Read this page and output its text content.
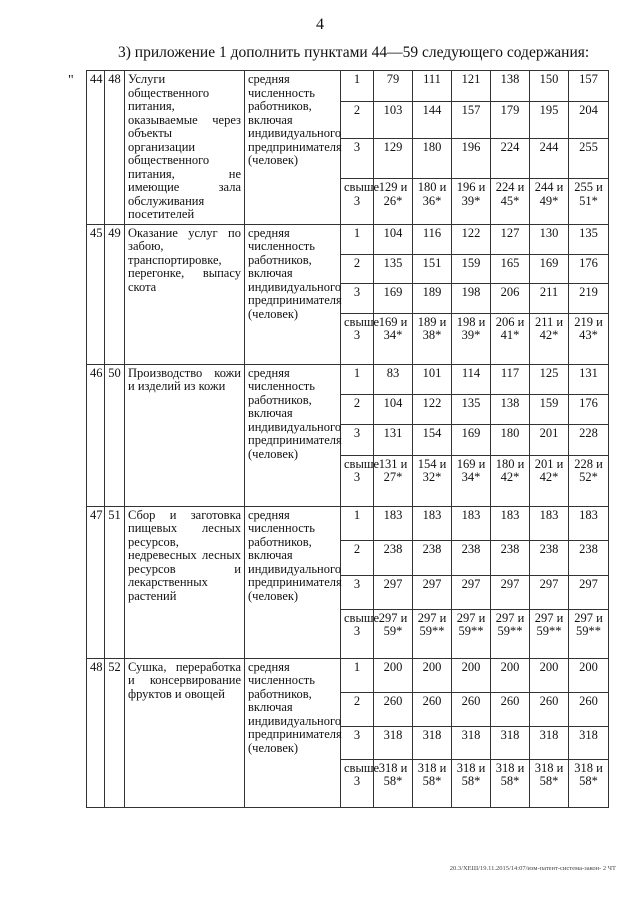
4
3) приложение 1 дополнить пунктами 44—59 следующего содержания:
" 44	48	Услуги общественного питания, оказываемые через объекты организации общественного питания, не имеющие зала обслуживания посетителей	средняя численность работников, включая индивидуального предпринимателя (человек)	1	79	111	121	138	150	157
				2	103	144	157	179	195	204
				3	129	180	196	224	244	255
				свыше 3	129 и 26*	180 и 36*	196 и 39*	224 и 45*	244 и 49*	255 и 51*
45	49	Оказание услуг по забою, транспортировке, перегонке, выпасу скота	средняя численность работников, включая индивидуального предпринимателя (человек)	1	104	116	122	127	130	135
				2	135	151	159	165	169	176
				3	169	189	198	206	211	219
				свыше 3	169 и 34*	189 и 38*	198 и 39*	206 и 41*	211 и 42*	219 и 43*
46	50	Производство кожи и изделий из кожи	средняя численность работников, включая индивидуального предпринимателя (человек)	1	83	101	114	117	125	131
				2	104	122	135	138	159	176
				3	131	154	169	180	201	228
				свыше 3	131 и 27*	154 и 32*	169 и 34*	180 и 42*	201 и 42*	228 и 52*
47	51	Сбор и заготовка пищевых лесных ресурсов, недревесных лесных ресурсов и лекарственных растений	средняя численность работников, включая индивидуального предпринимателя (человек)	1	183	183	183	183	183	183
				2	238	238	238	238	238	238
				3	297	297	297	297	297	297
				свыше 3	297 и 59*	297 и 59**	297 и 59**	297 и 59**	297 и 59**	297 и 59**
48	52	Сушка, переработка и консервирование фруктов и овощей	средняя численность работников, включая индивидуального предпринимателя (человек)	1	200	200	200	200	200	200
				2	260	260	260	260	260	260
				3	318	318	318	318	318	318
				свыше 3	318 и 58*	318 и 58*	318 и 58*	318 и 58*	318 и 58*	318 и 58*
20.3/ХЕШ/19.11.2015/14:07/изм-патент-система-закон- 2 ЧТ
